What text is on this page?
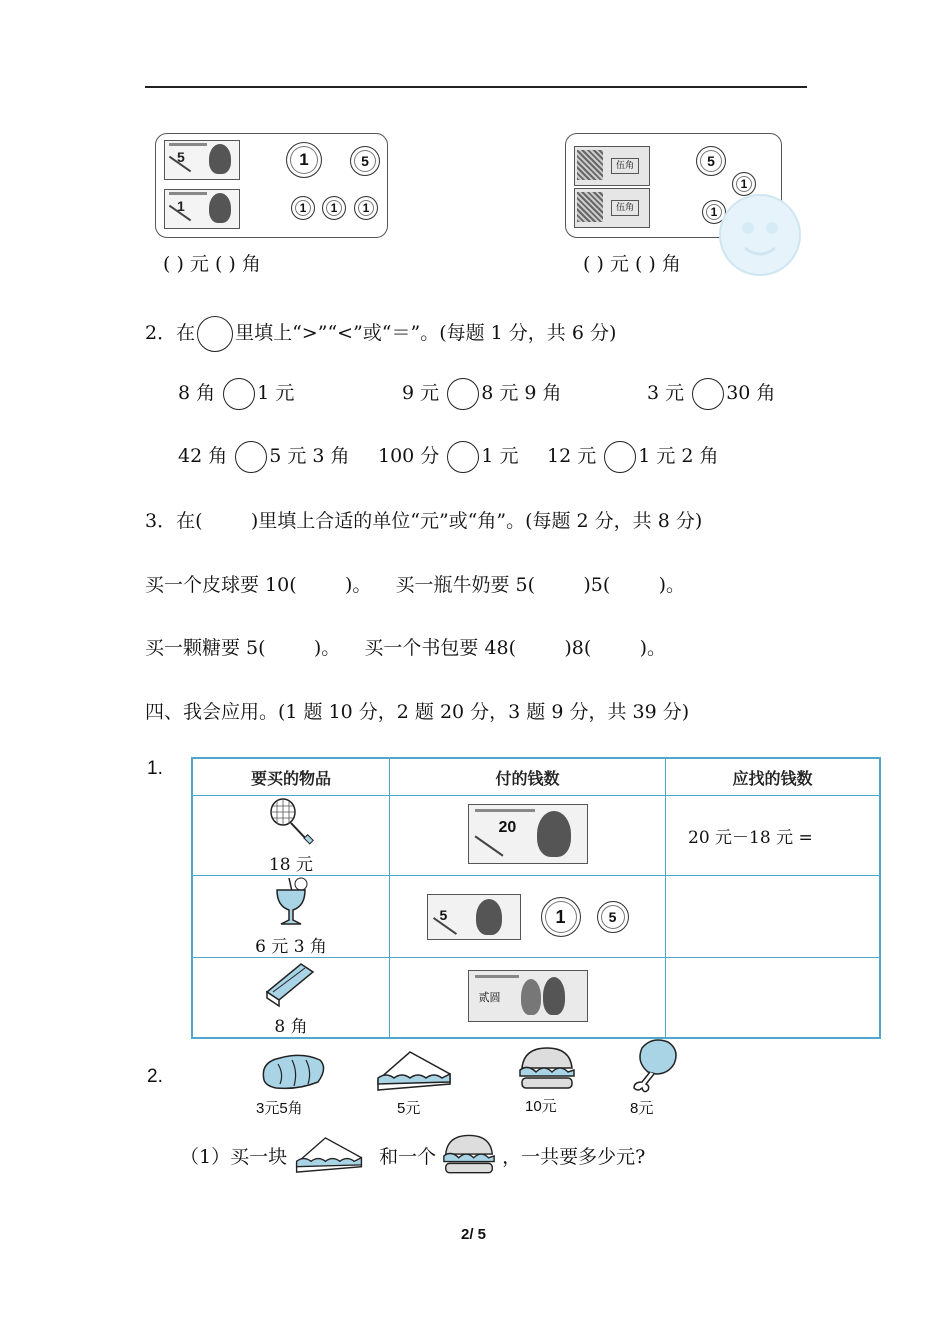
5
1
1	5
1	1	1
( ) 元 ( ) 角
伍角
伍角
5
1
1
( ) 元 ( ) 角
2．在 里填上“>”“<”或“＝”。(每题 1 分，共 6 分)
8 角 1 元	9 元 8 元 9 角	3 元 30 角
42 角 5 元 3 角 100 分 1 元 12 元 1 元 2 角
3．在(        )里填上合适的单位“元”或“角”。(每题 2 分，共 8 分)
买一个皮球要 10(        )。    买一瓶牛奶要 5(        )5(        )。
买一颗糖要 5(        )。    买一个书包要 48(        )8(        )。
四、我会应用。(1 题 10 分，2 题 20 分，3 题 9 分，共 39 分)
1.	要买的物品	付的钱数	应找的钱数

18 元	20	20 元－18 元 =

6 元 3 角	5 1 5	

8 角	贰圆	

2.
3元5角	5元	10元	8元
（1）买一块	和一个	，一共要多少元?
2/ 5
